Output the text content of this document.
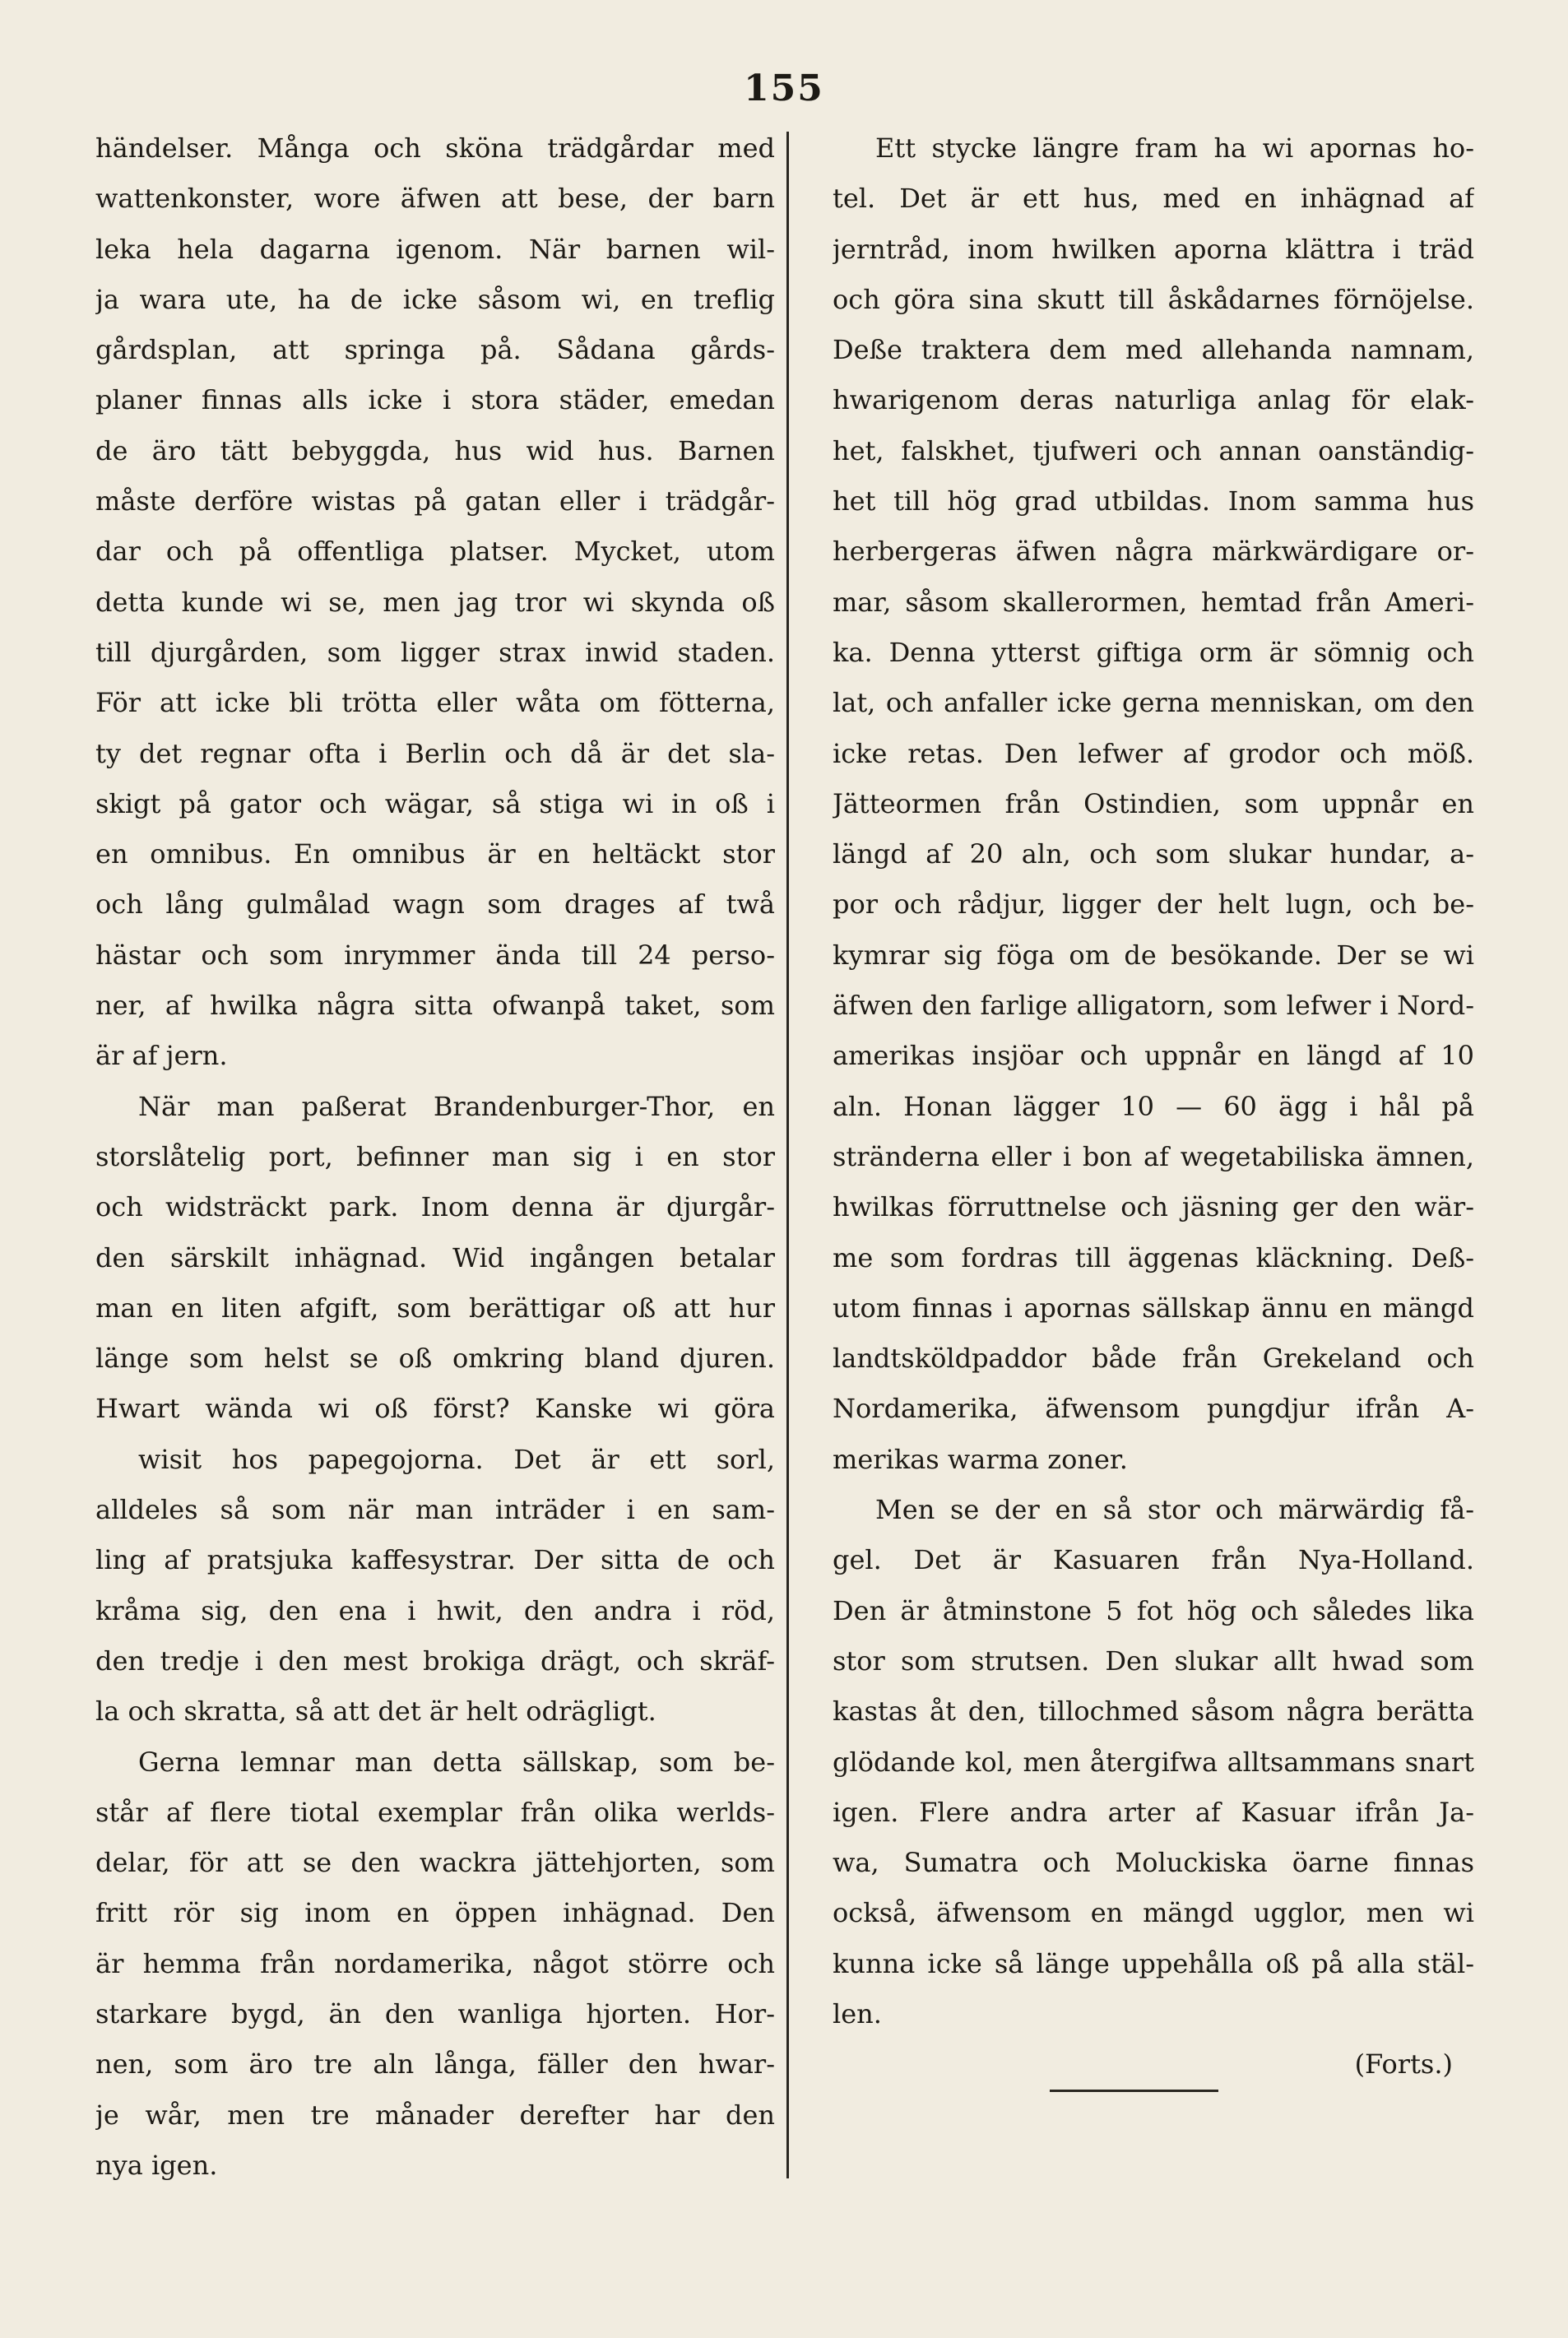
155
händelser. Många och sköna trädgårdar med
wattenkonster, wore äfwen att bese, der barn
leka hela dagarna igenom. När barnen wil-
ja wara ute, ha de icke såsom wi, en treflig
gårdsplan, att springa på. Sådana gårds-
planer finnas alls icke i stora städer, emedan
de äro tätt bebyggda, hus wid hus. Barnen
måste derföre wistas på gatan eller i trädgår-
dar och på offentliga platser. Mycket, utom
detta kunde wi se, men jag tror wi skynda oß
till djurgården, som ligger strax inwid staden.
För att icke bli trötta eller wåta om fötterna,
ty det regnar ofta i Berlin och då är det sla-
skigt på gator och wägar, så stiga wi in oß i
en omnibus. En omnibus är en heltäckt stor
och lång gulmålad wagn som drages af twå
hästar och som inrymmer ända till 24 perso-
ner, af hwilka några sitta ofwanpå taket, som
är af jern.
När man paßerat Brandenburger-Thor, en
storslåtelig port, befinner man sig i en stor
och widsträckt park. Inom denna är djurgår-
den särskilt inhägnad. Wid ingången betalar
man en liten afgift, som berättigar oß att hur
länge som helst se oß omkring bland djuren.
Hwart wända wi oß först? Kanske wi göra
wisit hos papegojorna. Det är ett sorl,
alldeles så som när man inträder i en sam-
ling af pratsjuka kaffesystrar. Der sitta de och
kråma sig, den ena i hwit, den andra i röd,
den tredje i den mest brokiga drägt, och skräf-
la och skratta, så att det är helt odrägligt.
Gerna lemnar man detta sällskap, som be-
står af flere tiotal exemplar från olika werlds-
delar, för att se den wackra jättehjorten, som
fritt rör sig inom en öppen inhägnad. Den
är hemma från nordamerika, något större och
starkare bygd, än den wanliga hjorten. Hor-
nen, som äro tre aln långa, fäller den hwar-
je wår, men tre månader derefter har den
nya igen.
Ett stycke längre fram ha wi apornas ho-
tel. Det är ett hus, med en inhägnad af
jerntråd, inom hwilken aporna klättra i träd
och göra sina skutt till åskådarnes förnöjelse.
Deße traktera dem med allehanda namnam,
hwarigenom deras naturliga anlag för elak-
het, falskhet, tjufweri och annan oanständig-
het till hög grad utbildas. Inom samma hus
herbergeras äfwen några märkwärdigare or-
mar, såsom skallerormen, hemtad från Ameri-
ka. Denna ytterst giftiga orm är sömnig och
lat, och anfaller icke gerna menniskan, om den
icke retas. Den lefwer af grodor och möß.
Jätteormen från Ostindien, som uppnår en
längd af 20 aln, och som slukar hundar, a-
por och rådjur, ligger der helt lugn, och be-
kymrar sig föga om de besökande. Der se wi
äfwen den farlige alligatorn, som lefwer i Nord-
amerikas insjöar och uppnår en längd af 10
aln. Honan lägger 10 — 60 ägg i hål på
stränderna eller i bon af wegetabiliska ämnen,
hwilkas förruttnelse och jäsning ger den wär-
me som fordras till äggenas kläckning. Deß-
utom finnas i apornas sällskap ännu en mängd
landtsköldpaddor både från Grekeland och
Nordamerika, äfwensom pungdjur ifrån A-
merikas warma zoner.
Men se der en så stor och märwärdig få-
gel. Det är Kasuaren från Nya-Holland.
Den är åtminstone 5 fot hög och således lika
stor som strutsen. Den slukar allt hwad som
kastas åt den, tillochmed såsom några berätta
glödande kol, men återgifwa alltsammans snart
igen. Flere andra arter af Kasuar ifrån Ja-
wa, Sumatra och Moluckiska öarne finnas
också, äfwensom en mängd ugglor, men wi
kunna icke så länge uppehålla oß på alla stäl-
len.
(Forts.)
